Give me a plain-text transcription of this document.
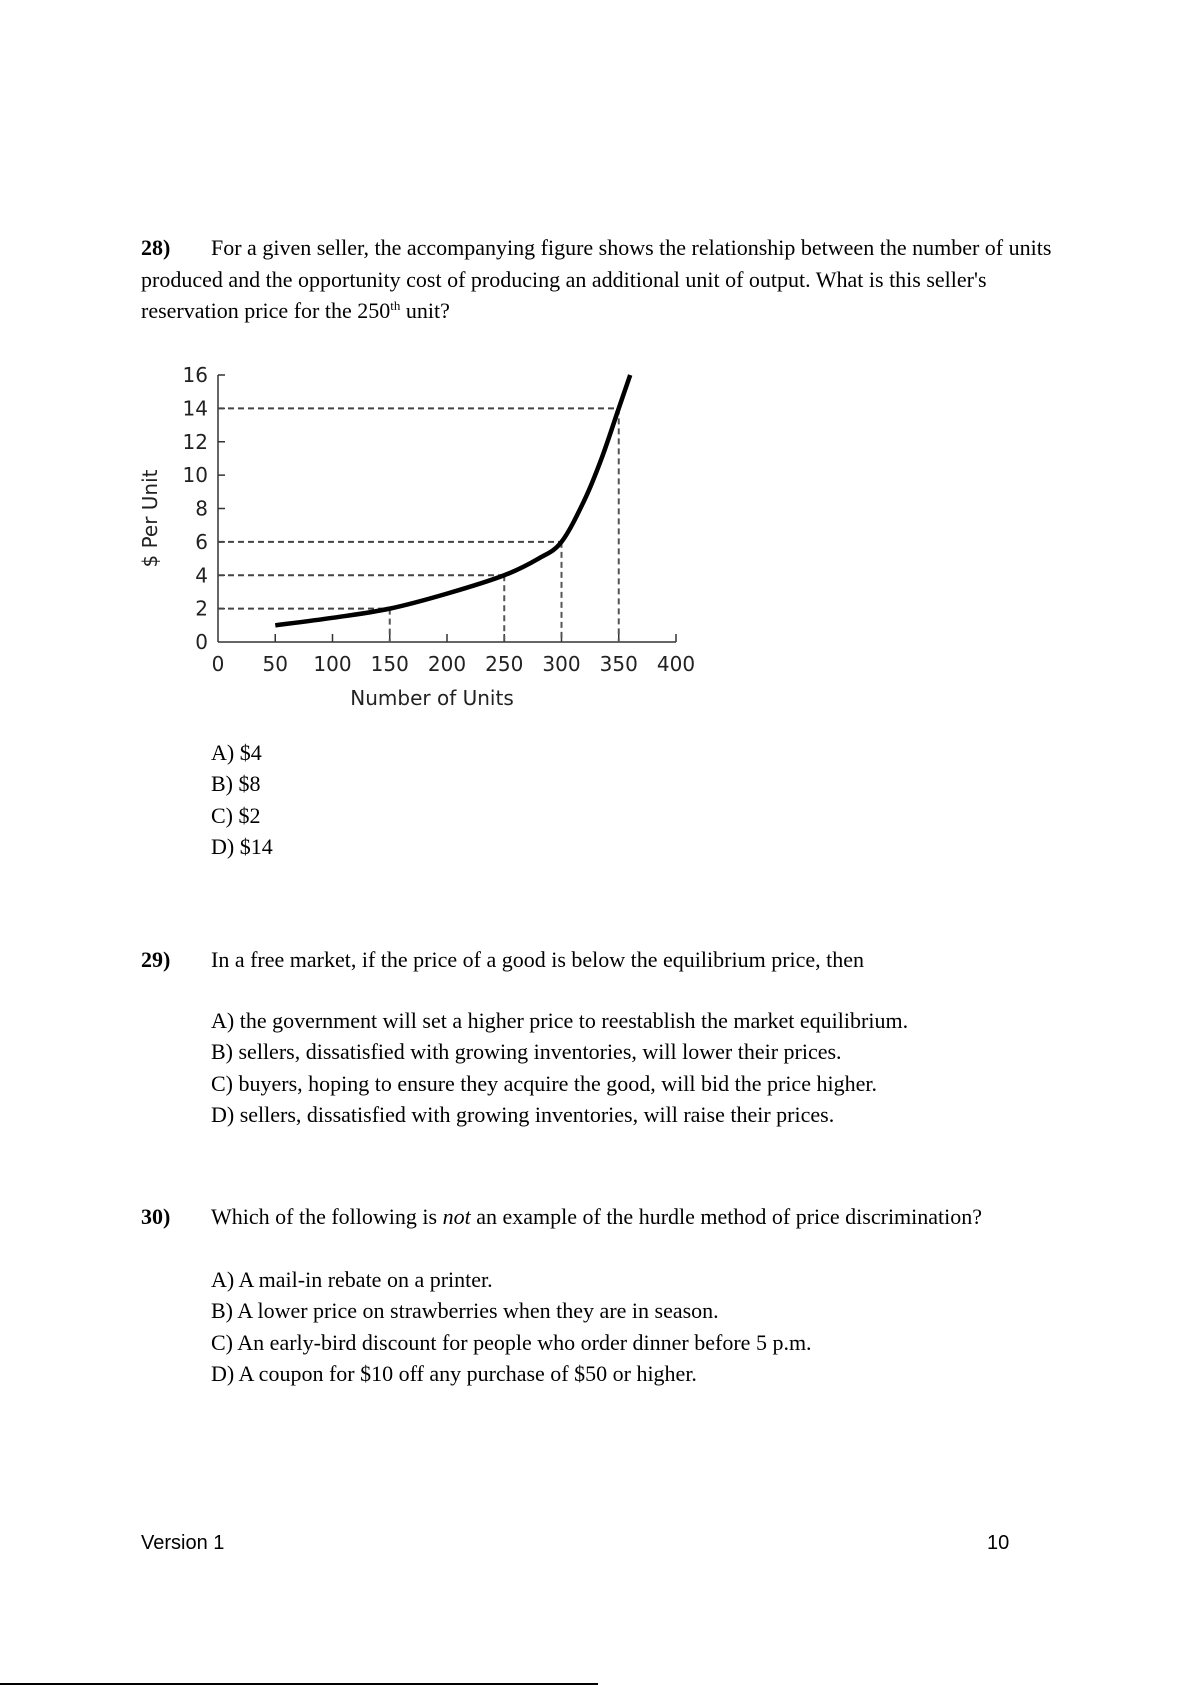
28)	For a given seller, the accompanying figure shows the relationship between the number of units produced and the opportunity cost of producing an additional unit of output. What is this seller's reservation price for the 250th unit?
0
2
4
6
8
10
12
14
16
0 50 100 150 200 250 300 350 400
Number of Units
$ Per Unit
A) $4
B) $8
C) $2
D) $14
29) In a free market, if the price of a good is below the equilibrium price, then
A) the government will set a higher price to reestablish the market equilibrium.
B) sellers, dissatisfied with growing inventories, will lower their prices.
C) buyers, hoping to ensure they acquire the good, will bid the price higher.
D) sellers, dissatisfied with growing inventories, will raise their prices.
30) Which of the following is not an example of the hurdle method of price discrimination?
A) A mail-in rebate on a printer.
B) A lower price on strawberries when they are in season.
C) An early-bird discount for people who order dinner before 5 p.m.
D) A coupon for $10 off any purchase of $50 or higher.
Version 1	10
